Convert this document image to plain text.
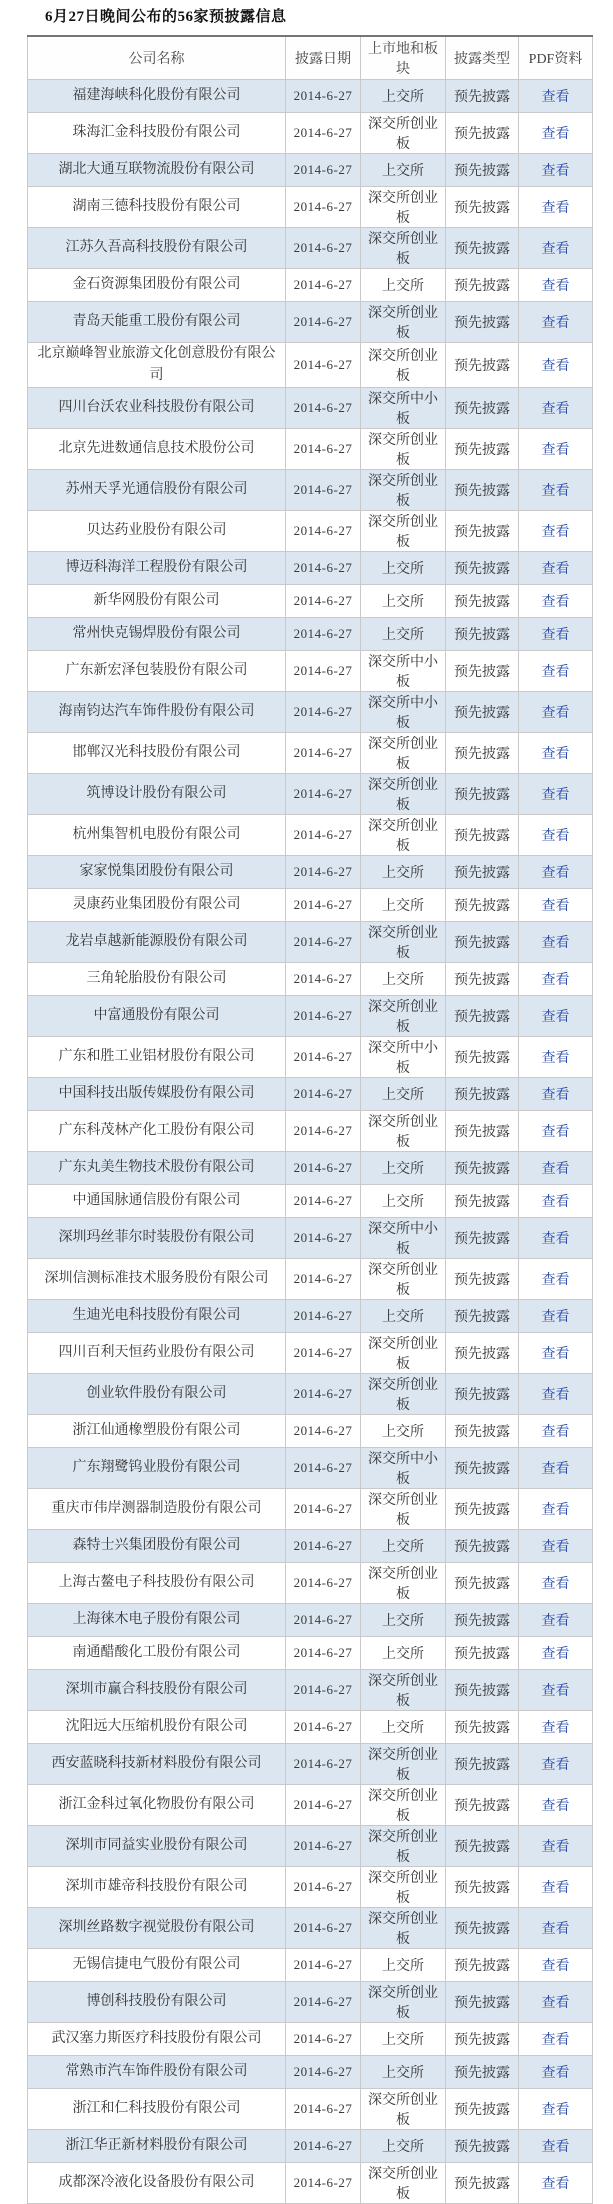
6月27日晚间公布的56家预披露信息
公司名称	披露日期	上市地和板块	披露类型	PDF资料
福建海峡科化股份有限公司	2014-6-27	上交所	预先披露	查看
珠海汇金科技股份有限公司	2014-6-27	深交所创业板	预先披露	查看
湖北大通互联物流股份有限公司	2014-6-27	上交所	预先披露	查看
湖南三德科技股份有限公司	2014-6-27	深交所创业板	预先披露	查看
江苏久吾高科技股份有限公司	2014-6-27	深交所创业板	预先披露	查看
金石资源集团股份有限公司	2014-6-27	上交所	预先披露	查看
青岛天能重工股份有限公司	2014-6-27	深交所创业板	预先披露	查看
北京巅峰智业旅游文化创意股份有限公司	2014-6-27	深交所创业板	预先披露	查看
四川台沃农业科技股份有限公司	2014-6-27	深交所中小板	预先披露	查看
北京先进数通信息技术股份公司	2014-6-27	深交所创业板	预先披露	查看
苏州天孚光通信股份有限公司	2014-6-27	深交所创业板	预先披露	查看
贝达药业股份有限公司	2014-6-27	深交所创业板	预先披露	查看
博迈科海洋工程股份有限公司	2014-6-27	上交所	预先披露	查看
新华网股份有限公司	2014-6-27	上交所	预先披露	查看
常州快克锡焊股份有限公司	2014-6-27	上交所	预先披露	查看
广东新宏泽包装股份有限公司	2014-6-27	深交所中小板	预先披露	查看
海南钧达汽车饰件股份有限公司	2014-6-27	深交所中小板	预先披露	查看
邯郸汉光科技股份有限公司	2014-6-27	深交所创业板	预先披露	查看
筑博设计股份有限公司	2014-6-27	深交所创业板	预先披露	查看
杭州集智机电股份有限公司	2014-6-27	深交所创业板	预先披露	查看
家家悦集团股份有限公司	2014-6-27	上交所	预先披露	查看
灵康药业集团股份有限公司	2014-6-27	上交所	预先披露	查看
龙岩卓越新能源股份有限公司	2014-6-27	深交所创业板	预先披露	查看
三角轮胎股份有限公司	2014-6-27	上交所	预先披露	查看
中富通股份有限公司	2014-6-27	深交所创业板	预先披露	查看
广东和胜工业铝材股份有限公司	2014-6-27	深交所中小板	预先披露	查看
中国科技出版传媒股份有限公司	2014-6-27	上交所	预先披露	查看
广东科茂林产化工股份有限公司	2014-6-27	深交所创业板	预先披露	查看
广东丸美生物技术股份有限公司	2014-6-27	上交所	预先披露	查看
中通国脉通信股份有限公司	2014-6-27	上交所	预先披露	查看
深圳玛丝菲尔时装股份有限公司	2014-6-27	深交所中小板	预先披露	查看
深圳信测标准技术服务股份有限公司	2014-6-27	深交所创业板	预先披露	查看
生迪光电科技股份有限公司	2014-6-27	上交所	预先披露	查看
四川百利天恒药业股份有限公司	2014-6-27	深交所创业板	预先披露	查看
创业软件股份有限公司	2014-6-27	深交所创业板	预先披露	查看
浙江仙通橡塑股份有限公司	2014-6-27	上交所	预先披露	查看
广东翔鹭钨业股份有限公司	2014-6-27	深交所中小板	预先披露	查看
重庆市伟岸测器制造股份有限公司	2014-6-27	深交所创业板	预先披露	查看
森特士兴集团股份有限公司	2014-6-27	上交所	预先披露	查看
上海古鳌电子科技股份有限公司	2014-6-27	深交所创业板	预先披露	查看
上海徕木电子股份有限公司	2014-6-27	上交所	预先披露	查看
南通醋酸化工股份有限公司	2014-6-27	上交所	预先披露	查看
深圳市赢合科技股份有限公司	2014-6-27	深交所创业板	预先披露	查看
沈阳远大压缩机股份有限公司	2014-6-27	上交所	预先披露	查看
西安蓝晓科技新材料股份有限公司	2014-6-27	深交所创业板	预先披露	查看
浙江金科过氧化物股份有限公司	2014-6-27	深交所创业板	预先披露	查看
深圳市同益实业股份有限公司	2014-6-27	深交所创业板	预先披露	查看
深圳市雄帝科技股份有限公司	2014-6-27	深交所创业板	预先披露	查看
深圳丝路数字视觉股份有限公司	2014-6-27	深交所创业板	预先披露	查看
无锡信捷电气股份有限公司	2014-6-27	上交所	预先披露	查看
博创科技股份有限公司	2014-6-27	深交所创业板	预先披露	查看
武汉塞力斯医疗科技股份有限公司	2014-6-27	上交所	预先披露	查看
常熟市汽车饰件股份有限公司	2014-6-27	上交所	预先披露	查看
浙江和仁科技股份有限公司	2014-6-27	深交所创业板	预先披露	查看
浙江华正新材料股份有限公司	2014-6-27	上交所	预先披露	查看
成都深冷液化设备股份有限公司	2014-6-27	深交所创业板	预先披露	查看
